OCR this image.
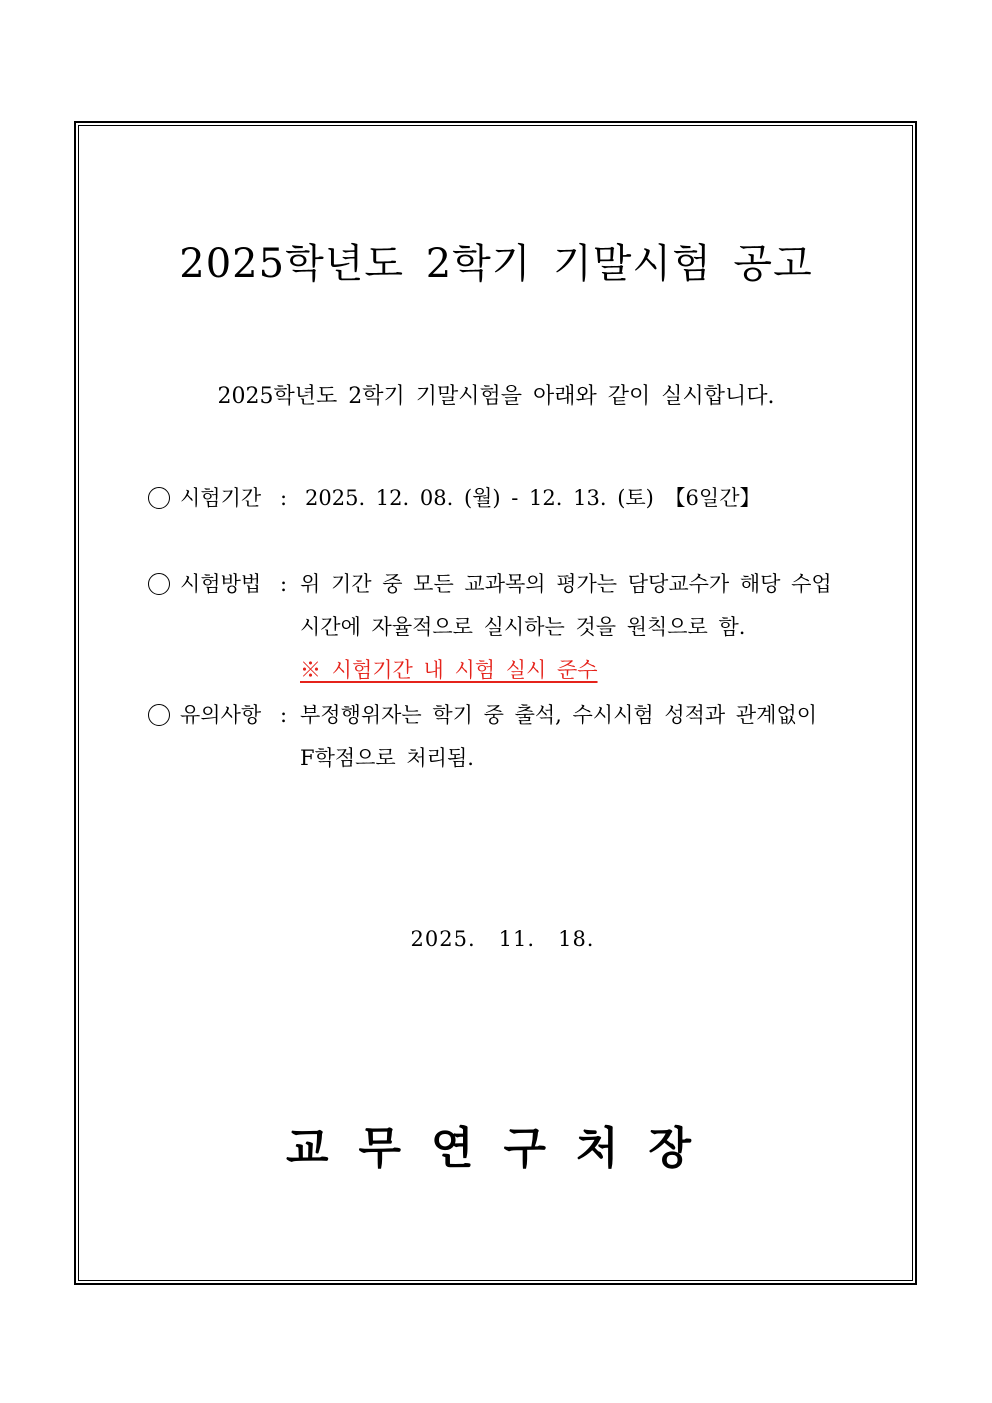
2025학년도 2학기 기말시험 공고
2025학년도 2학기 기말시험을 아래와 같이 실시합니다.
시험기간 : 2025. 12. 08. (월) - 12. 13. (토) 【6일간】
시험방법 : 위 기간 중 모든 교과목의 평가는 담당교수가 해당 수업
시간에 자율적으로 실시하는 것을 원칙으로 함.
※ 시험기간 내 시험 실시 준수
유의사항 : 부정행위자는 학기 중 출석, 수시시험 성적과 관계없이
F학점으로 처리됨.
2025.   11.   18.
교무연구처장
